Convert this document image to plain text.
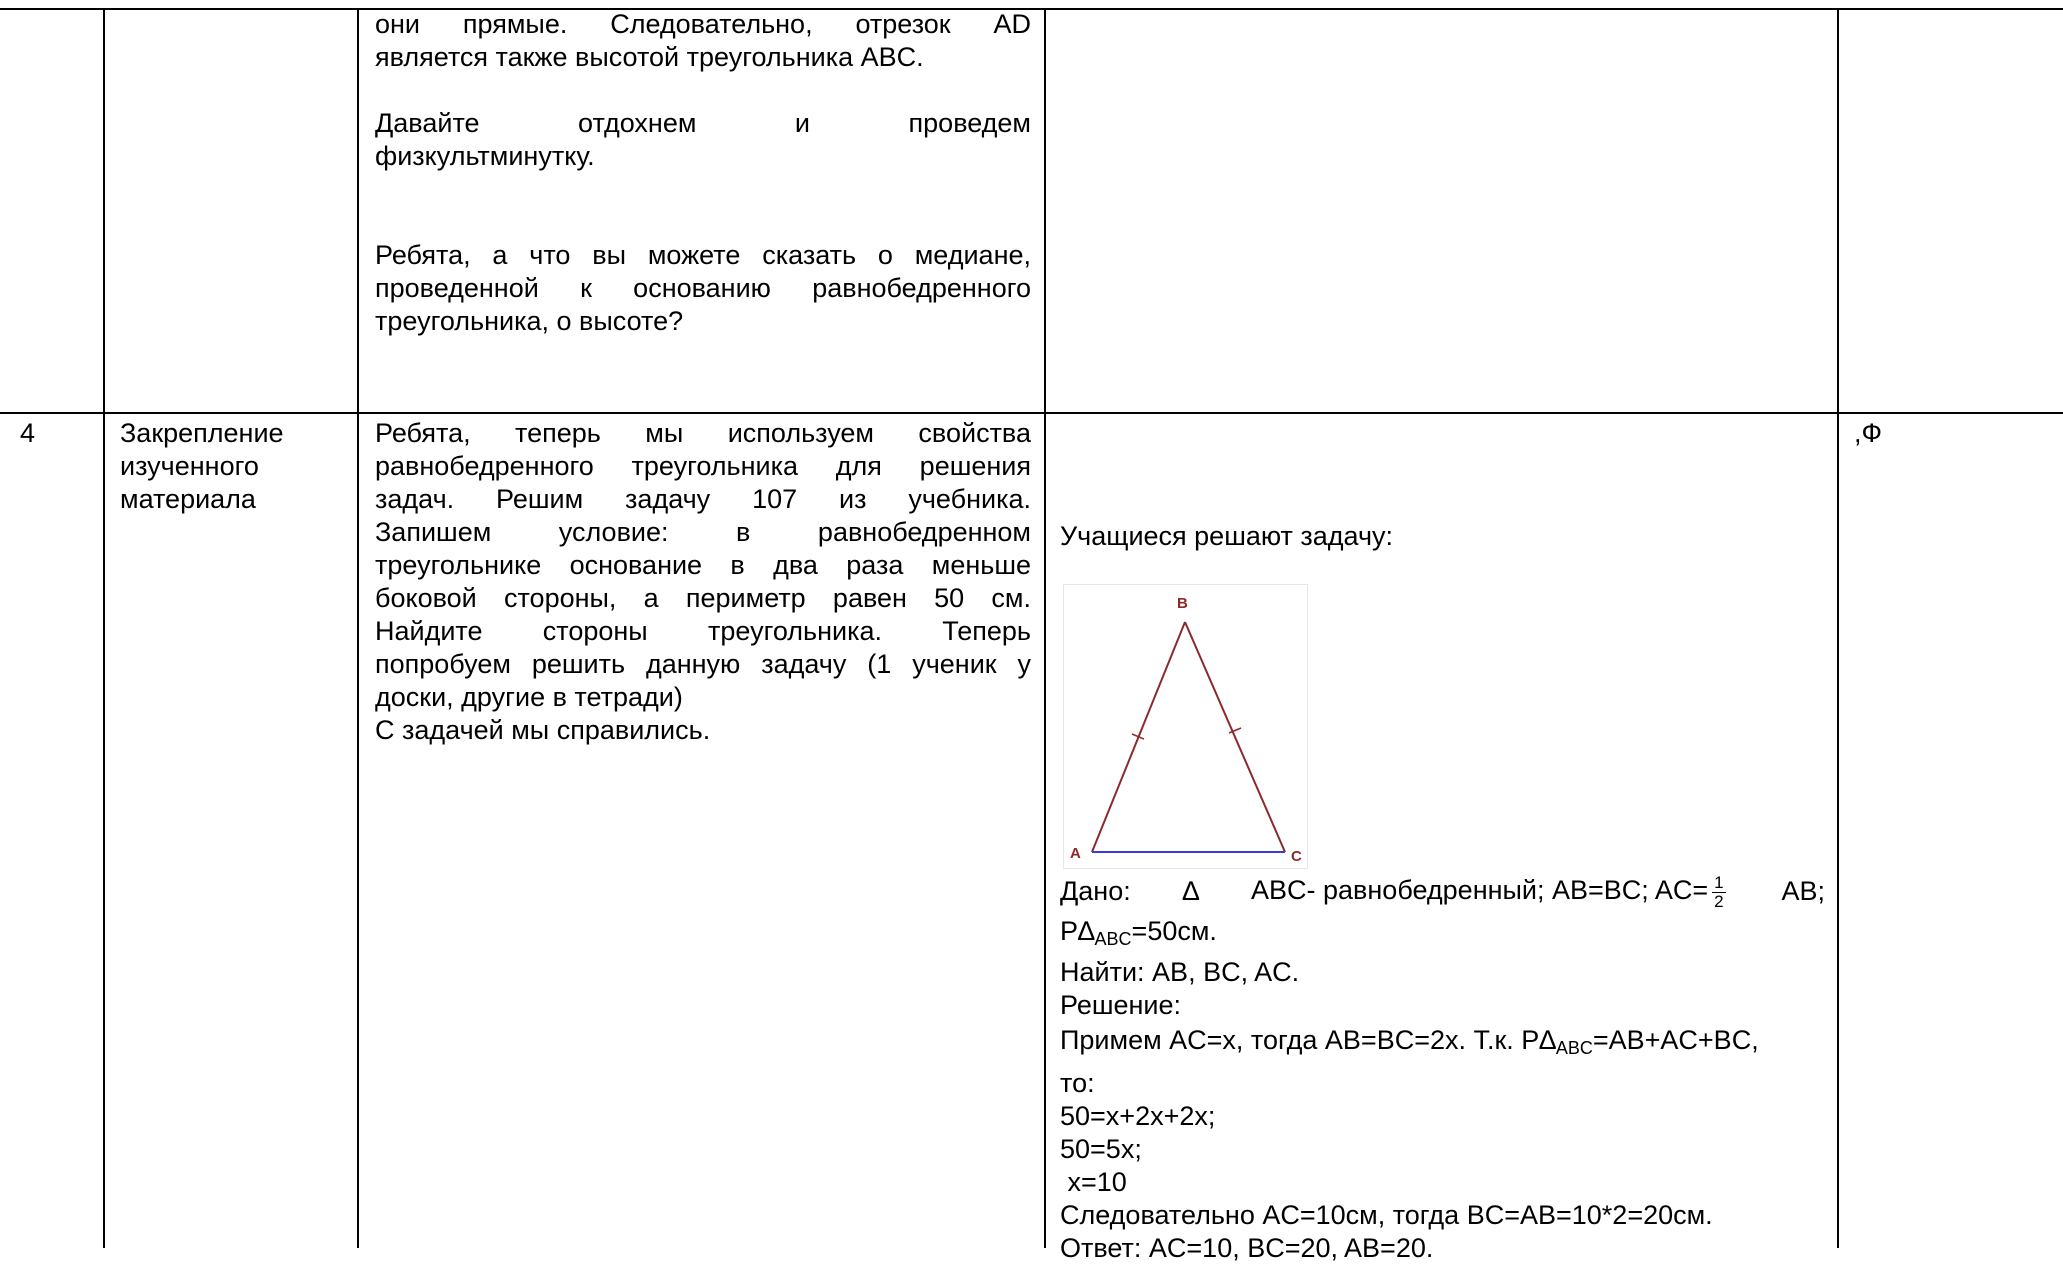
они прямые. Следовательно, отрезок AD

является также высотой треугольника ABC.

Давайте отдохнем и проведем

физкультминутку.

Ребята, а что вы можете сказать о медиане,

проведенной к основанию равнобедренного

треугольника, о высоте?

4	Закрепление
изученного
материала

Ребята, теперь мы используем свойства

равнобедренного треугольника для решения

задач. Решим задачу 107 из учебника.

Запишем условие: в равнобедренном

треугольнике основание в два раза меньше

боковой стороны, а периметр равен 50 см.

Найдите стороны треугольника. Теперь

попробуем решить данную задачу (1 ученик у

доски, другие в тетради)

С задачей мы справились.

Учащиеся решают задачу:
B
A	C

Дано: ∆ ABC- равнобедренный; AB=BC; $AC= \frac{1}{2}$ AB;

$P\Delta_{ABC}=50см$.

Найти: AB, BC, AC.

Решение:

Примем AC=x, тогда AB=BC=2x. Т.к. $P\Delta_{ABC}=AB+AC+BC$,

то:

50=x+2x+2x;

50=5x;

x=10

Следовательно AC=10см, тогда BC=AB=10*2=20см.

Ответ: AC=10, BC=20, AB=20.

,Ф
